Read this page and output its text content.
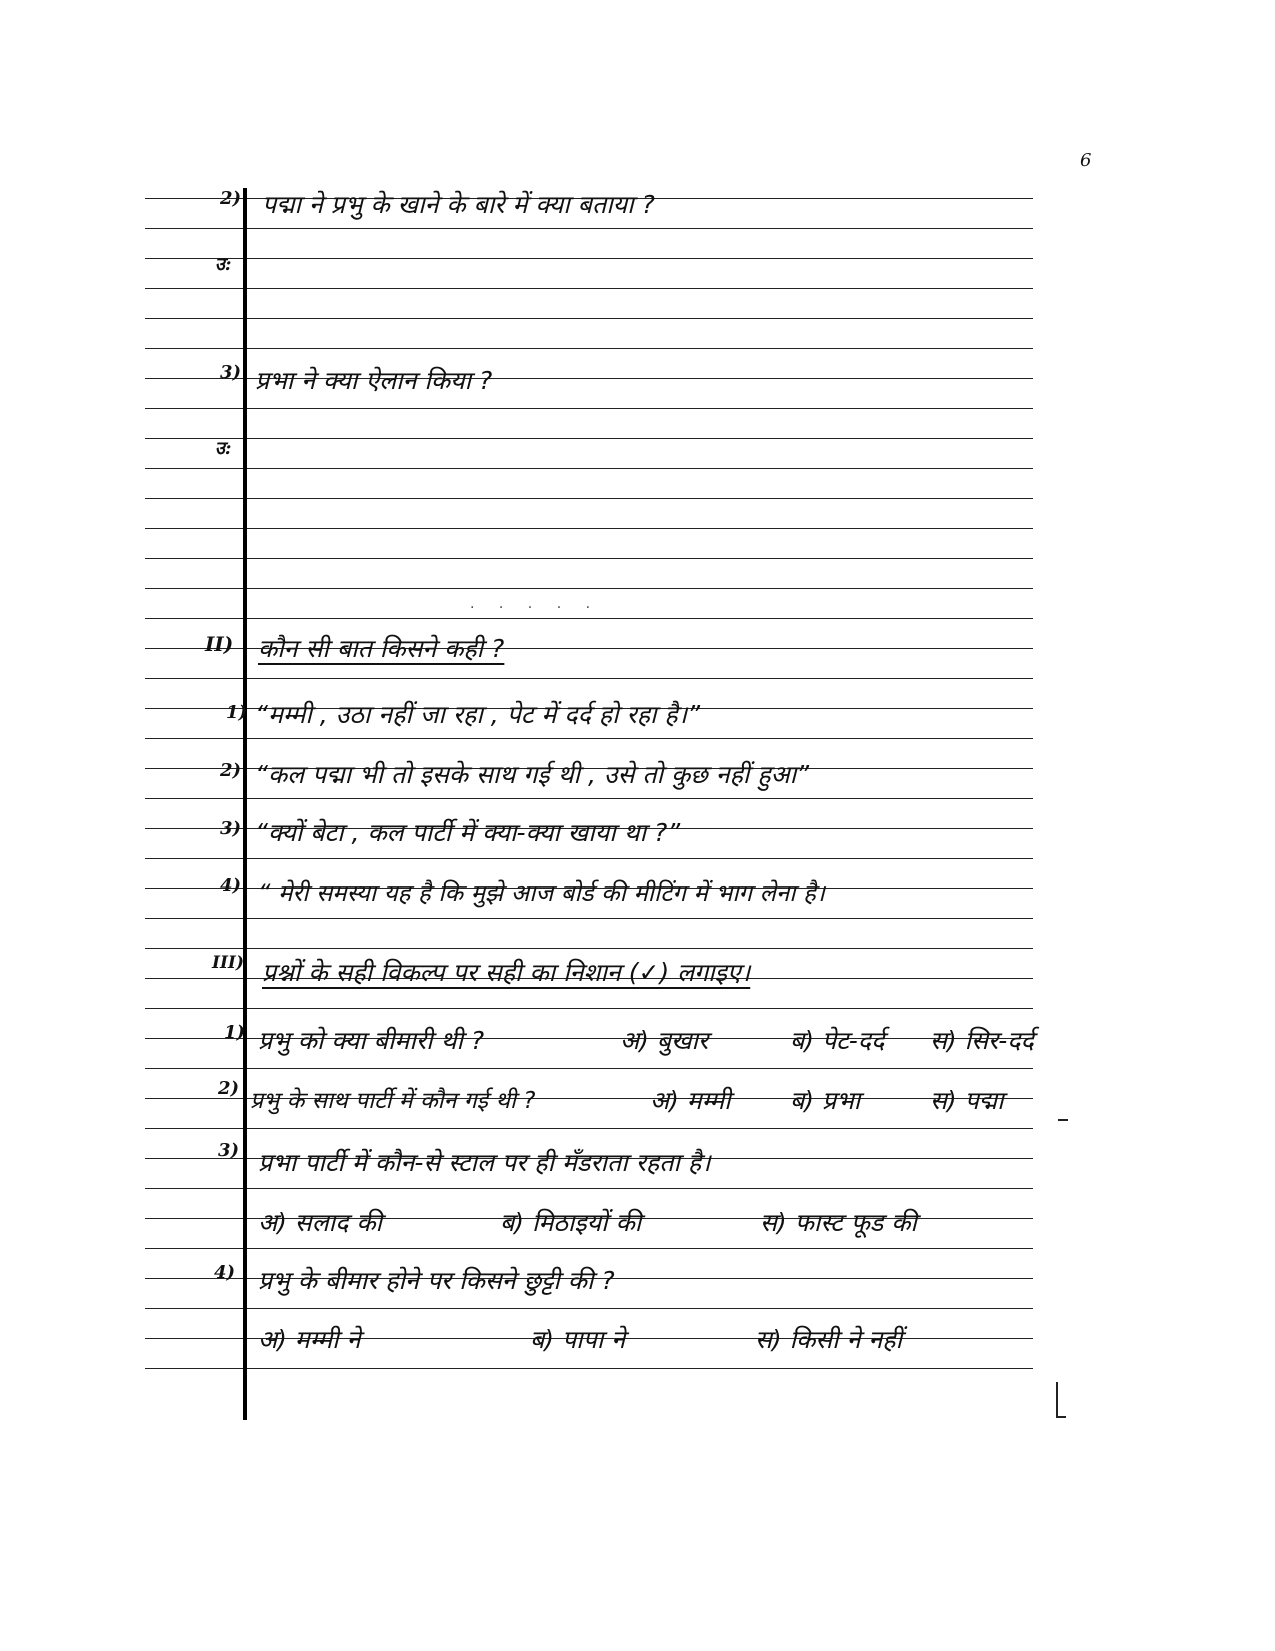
6
2) पद्मा ने प्रभु के खाने के बारे में क्या बताया ?
उ:
3) प्रभा ने क्या ऐलान किया ?
उ:
. . . . .
II) कौन सी बात किसने कही ?
1) “मम्मी , उठा नहीं जा रहा , पेट में दर्द हो रहा है।”
2) “कल पद्मा भी तो इसके साथ गई थी , उसे तो कुछ नहीं हुआ”
3) “क्यों बेटा , कल पार्टी में क्या-क्या खाया था ?”
4) “ मेरी समस्या यह है कि मुझे आज बोर्ड की मीटिंग में भाग लेना है।
III) प्रश्नों के सही विकल्प पर सही का निशान (✓) लगाइए।
1) प्रभु को क्या बीमारी थी ?	अ) बुखार	ब) पेट-दर्द स) सिर-दर्द
2) प्रभु के साथ पार्टी में कौन गई थी ?	अ) मम्मी ब) प्रभा	स) पद्मा
3) प्रभा पार्टी में कौन-से स्टाल पर ही मँडराता रहता है।
अ) सलाद की	ब) मिठाइयों की	स) फास्ट फूड की
4) प्रभु के बीमार होने पर किसने छुट्टी की ?
अ) मम्मी ने	ब) पापा ने	स) किसी ने नहीं
